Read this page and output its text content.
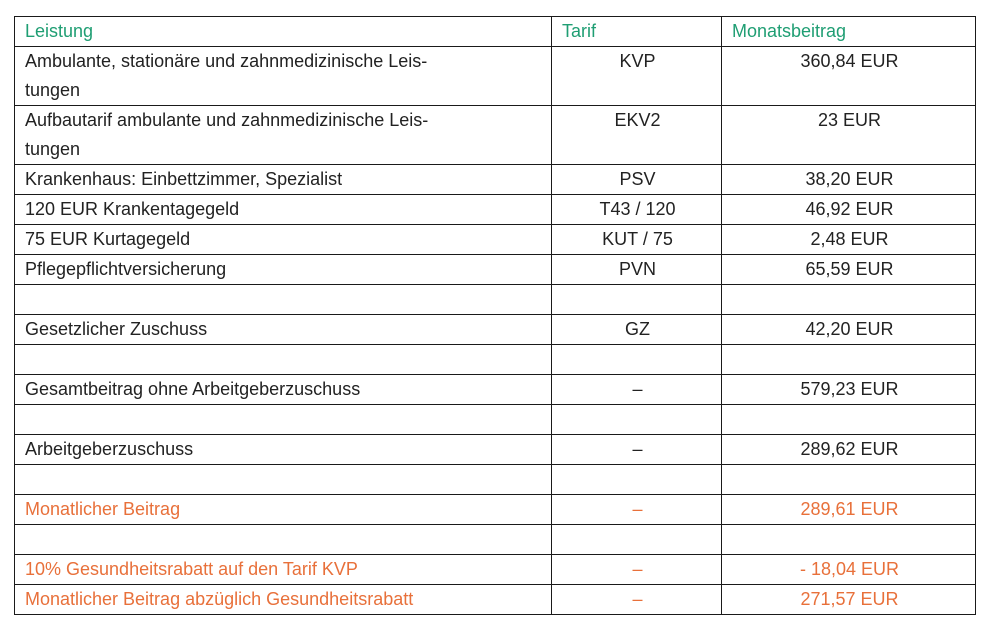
Leistung	Tarif	Monatsbeitrag
Ambulante, stationäre und zahnmedizinische Leis-
tungen	KVP	360,84 EUR
Aufbautarif ambulante und zahnmedizinische Leis-
tungen	EKV2	23 EUR
Krankenhaus: Einbettzimmer, Spezialist	PSV	38,20 EUR
120 EUR Krankentagegeld	T43 / 120	46,92 EUR
75 EUR Kurtagegeld	KUT / 75	2,48 EUR
Pflegepflichtversicherung	PVN	65,59 EUR

Gesetzlicher Zuschuss	GZ	42,20 EUR

Gesamtbeitrag ohne Arbeitgeberzuschuss	–	579,23 EUR

Arbeitgeberzuschuss	–	289,62 EUR

Monatlicher Beitrag	–	289,61 EUR

10% Gesundheitsrabatt auf den Tarif KVP	–	- 18,04 EUR
Monatlicher Beitrag abzüglich Gesundheitsrabatt	–	271,57 EUR
